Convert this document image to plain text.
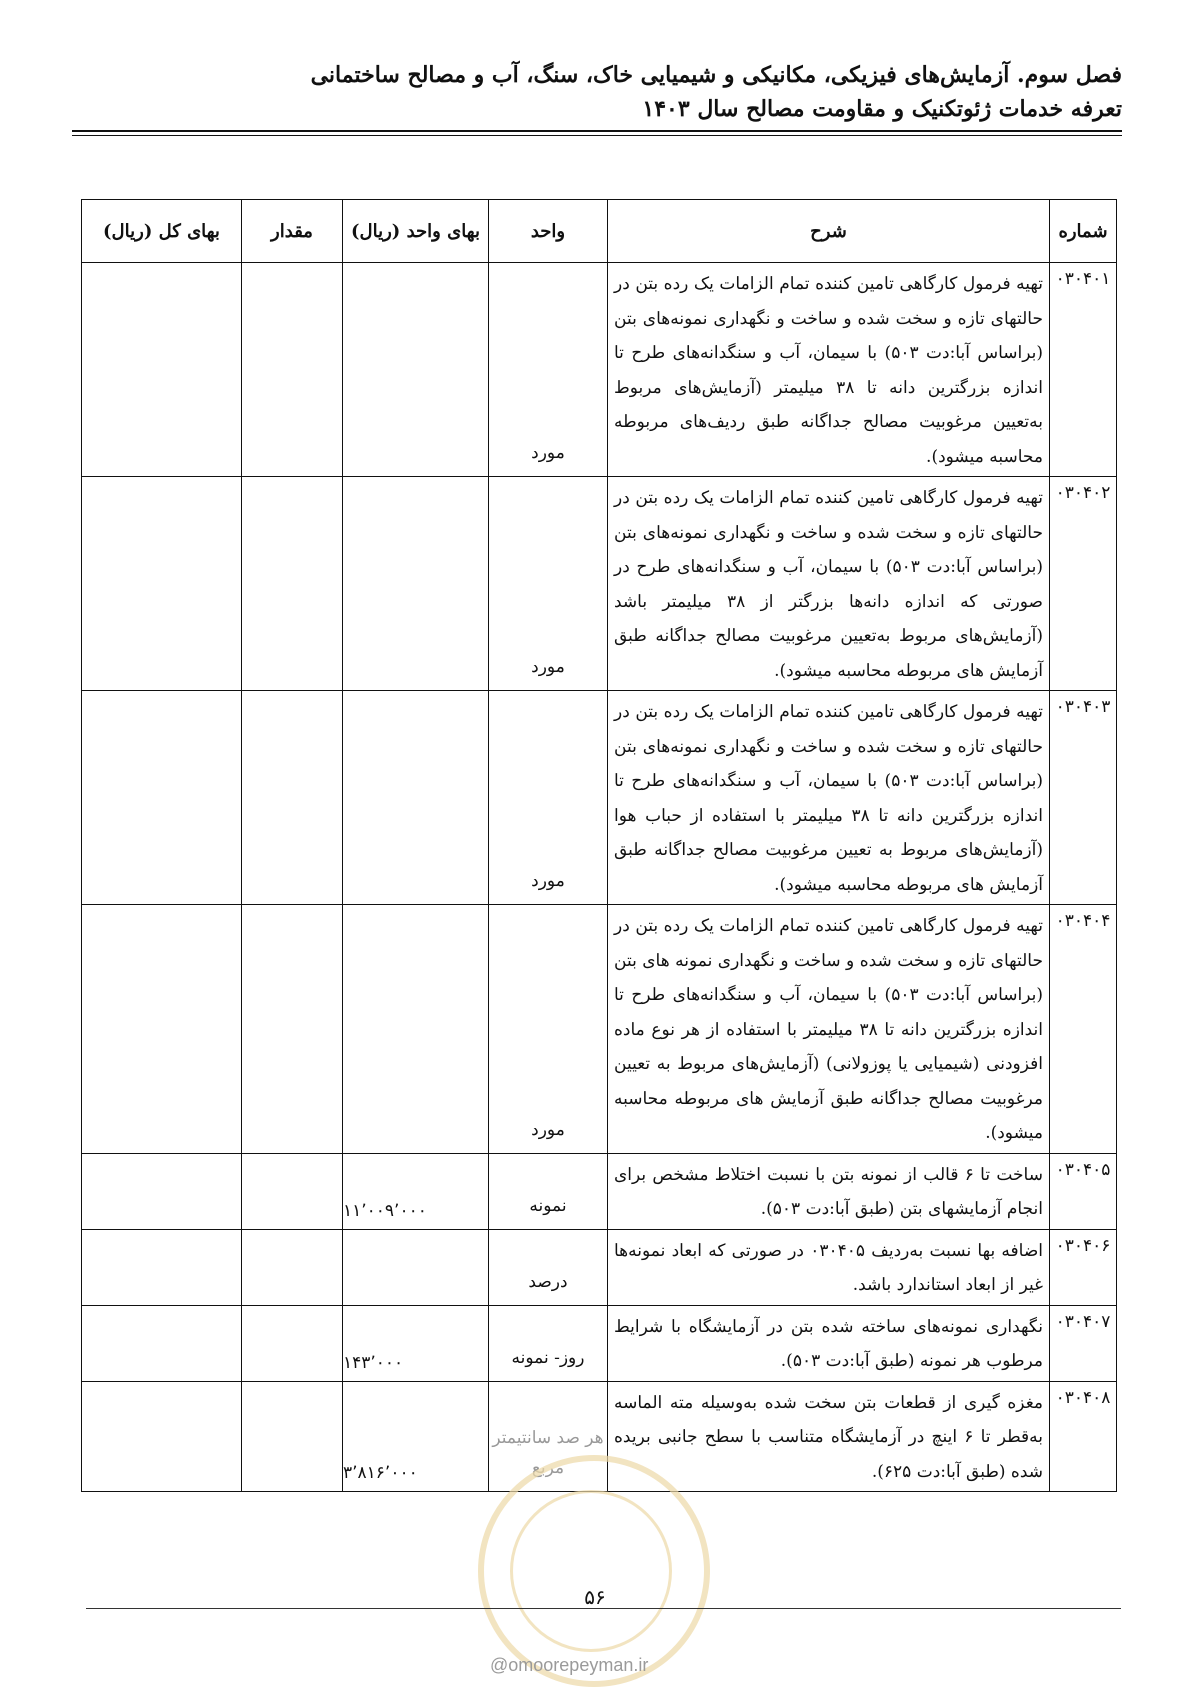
فصل سوم. آزمایش‌های فیزیکی، مکانیکی و شیمیایی خاک، سنگ، آب و مصالح ساختمانی
تعرفه خدمات ژئوتکنیک و مقاومت مصالح سال ۱۴۰۳
شماره	شرح	واحد	بهای واحد (ریال)	مقدار	بهای کل (ریال)
۰۳۰۴۰۱	تهیه فرمول کارگاهی تامین کننده تمام الزامات یک رده بتن در حالتهای تازه و سخت شده و ساخت و نگهداری نمونه‌های بتن (براساس آبا:دت ۵۰۳) با سیمان، آب و سنگدانه‌های طرح تا اندازه بزرگترین دانه تا ۳۸ میلیمتر (آزمایش‌های مربوط به‌تعیین مرغوبیت مصالح جداگانه طبق ردیف‌های مربوطه محاسبه میشود).	مورد			
۰۳۰۴۰۲	تهیه فرمول کارگاهی تامین کننده تمام الزامات یک رده بتن در حالتهای تازه و سخت شده و ساخت و نگهداری نمونه‌های بتن (براساس آبا:دت ۵۰۳) با سیمان، آب و سنگدانه‌های طرح در صورتی که اندازه دانه‌ها بزرگتر از ۳۸ میلیمتر باشد (آزمایش‌های مربوط به‌تعیین مرغوبیت مصالح جداگانه طبق آزمایش های مربوطه محاسبه میشود).	مورد			
۰۳۰۴۰۳	تهیه فرمول کارگاهی تامین کننده تمام الزامات یک رده بتن در حالتهای تازه و سخت شده و ساخت و نگهداری نمونه‌های بتن (براساس آبا:دت ۵۰۳) با سیمان، آب و سنگدانه‌های طرح تا اندازه بزرگترین دانه تا ۳۸ میلیمتر با استفاده از حباب هوا (آزمایش‌های مربوط به تعیین مرغوبیت مصالح جداگانه طبق آزمایش های مربوطه محاسبه میشود).	مورد			
۰۳۰۴۰۴	تهیه فرمول کارگاهی تامین کننده تمام الزامات یک رده بتن در حالتهای تازه و سخت شده و ساخت و نگهداری نمونه های بتن (براساس آبا:دت ۵۰۳) با سیمان، آب و سنگدانه‌های طرح تا اندازه بزرگترین دانه تا ۳۸ میلیمتر با استفاده از هر نوع ماده افزودنی (شیمیایی یا پوزولانی) (آزمایش‌های مربوط به تعیین مرغوبیت مصالح جداگانه طبق آزمایش های مربوطه محاسبه میشود).	مورد			
۰۳۰۴۰۵	ساخت تا ۶ قالب از نمونه بتن با نسبت اختلاط مشخص برای انجام آزمایشهای بتن (طبق آبا:دت ۵۰۳).	نمونه	۱۱٬۰۰۹٬۰۰۰		
۰۳۰۴۰۶	اضافه بها نسبت به‌ردیف ۰۳۰۴۰۵ در صورتی که ابعاد نمونه‌ها غیر از ابعاد استاندارد باشد.	درصد			
۰۳۰۴۰۷	نگهداری نمونه‌های ساخته شده بتن در آزمایشگاه با شرایط مرطوب هر نمونه (طبق آبا:دت ۵۰۳).	روز- نمونه	۱۴۳٬۰۰۰		
۰۳۰۴۰۸	مغزه گیری از قطعات بتن سخت شده به‌وسیله مته الماسه به‌قطر تا ۶ اینچ در آزمایشگاه متناسب با سطح جانبی بریده شده (طبق آبا:دت ۶۲۵).	هر صد سانتیمتر مربع	۳٬۸۱۶٬۰۰۰		
۵۶
@omoorepeyman.ir
